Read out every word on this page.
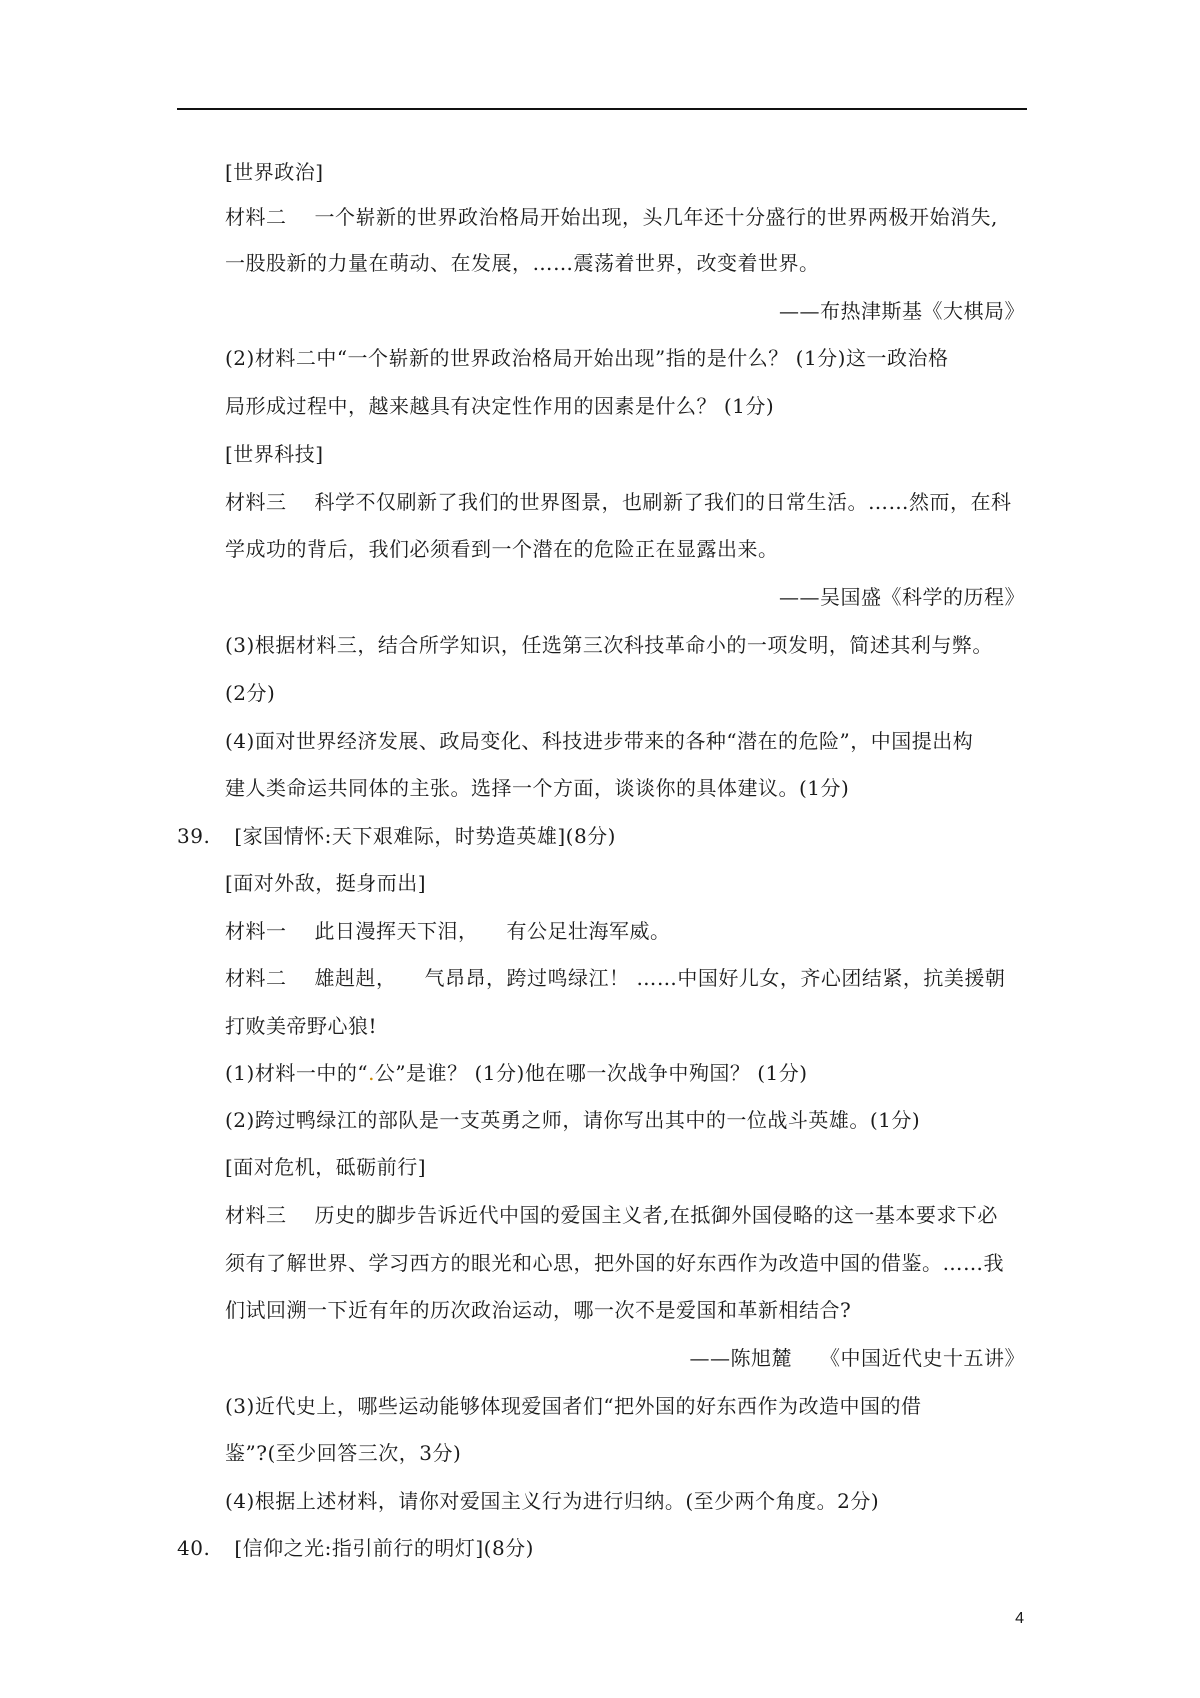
[世界政治]
材料二 一个崭新的世界政治格局开始出现，头几年还十分盛行的世界两极开始消失,
一股股新的力量在萌动、在发展，……震荡着世界，改变着世界。
——布热津斯基《大棋局》
(2)材料二中“一个崭新的世界政治格局开始出现”指的是什么？ (1分)这一政治格
局形成过程中，越来越具有决定性作用的因素是什么？ (1分)
[世界科技]
材料三 科学不仅刷新了我们的世界图景，也刷新了我们的日常生活。……然而，在科
学成功的背后，我们必须看到一个潜在的危险正在显露出来。
——吴国盛《科学的历程》
(3)根据材料三，结合所学知识，任选第三次科技革命小的一项发明，简述其利与弊。
(2分)
(4)面对世界经济发展、政局变化、科技进步带来的各种“潜在的危险”，中国提出构
建人类命运共同体的主张。选择一个方面，谈谈你的具体建议。(1分)
39. [家国情怀:天下艰难际，时势造英雄](8分)
[面对外敌，挺身而出]
材料一 此日漫挥天下泪， 有公足壮海军威。
材料二 雄赳赳， 气昂昂，跨过鸣绿江！ ……中国好儿女，齐心团结紧，抗美援朝
打败美帝野心狼!
(1)材料一中的“.公”是谁？ (1分)他在哪一次战争中殉国？ (1分)
(2)跨过鸭绿江的部队是一支英勇之师，请你写出其中的一位战斗英雄。(1分)
[面对危机，砥砺前行]
材料三 历史的脚步告诉近代中国的爱国主义者,在抵御外国侵略的这一基本要求下必
须有了解世界、学习西方的眼光和心思，把外国的好东西作为改造中国的借鉴。……我
们试回溯一下近有年的历次政治运动，哪一次不是爱国和革新相结合?
——陈旭麓 《中国近代史十五讲》
(3)近代史上，哪些运动能够体现爱国者们“把外国的好东西作为改造中国的借
鉴”?(至少回答三次，3分)
(4)根据上述材料，请你对爱国主义行为进行归纳。(至少两个角度。2分)
40. [信仰之光:指引前行的明灯](8分)
4
